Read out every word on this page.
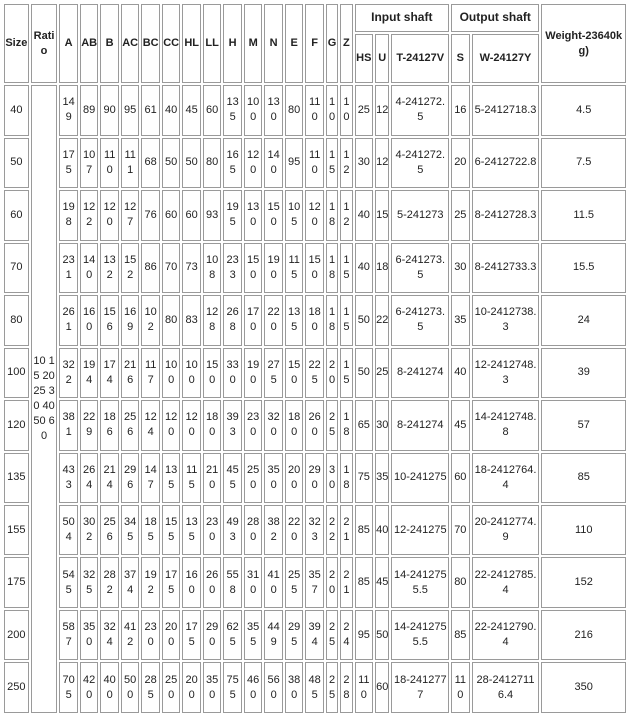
Size	Ratio	A	AB	B	AC	BC	CC	HL	LL	H	M	N	E	F	G	Z	Input shaft			Output shaft		Weight-23640kg)
																	HS	U	T-24127V	S	W-24127Y	
40	10 15 20 25 30 40 50 60	149	89	90	95	61	40	45	60	135	100	130	80	110	10	10	25	12	4-241272.5	16	5-2412718.3	4.5
50		175	107	110	111	68	50	50	80	165	120	140	95	110	15	12	30	12	4-241272.5	20	6-2412722.8	7.5
60		198	122	120	127	76	60	60	93	195	130	150	105	120	18	12	40	15	5-241273	25	8-2412728.3	11.5
70		231	140	132	152	86	70	73	108	233	150	190	115	150	18	15	40	18	6-241273.5	30	8-2412733.3	15.5
80		261	160	156	169	102	80	83	128	268	170	220	135	180	18	15	50	22	6-241273.5	35	10-2412738.3	24
100		322	194	174	216	117	100	100	150	330	190	275	150	225	20	15	50	25	8-241274	40	12-2412748.3	39
120		381	229	186	256	124	120	120	180	393	230	320	180	260	25	18	65	30	8-241274	45	14-2412748.8	57
135		433	264	214	296	147	135	115	210	455	250	350	200	290	30	18	75	35	10-241275	60	18-2412764.4	85
155		504	302	256	345	185	155	135	230	493	280	382	220	323	22	21	85	40	12-241275	70	20-2412774.9	110
175		545	325	282	374	192	175	160	260	558	310	410	255	357	20	21	85	45	14-2412755.5	80	22-2412785.4	152
200		587	350	324	412	230	200	175	290	625	355	449	295	394	25	24	95	50	14-2412755.5	85	22-2412790.4	216
250		705	420	400	500	285	250	200	350	755	460	560	380	485	25	28	110	60	18-2412777	110	28-24127116.4	350
